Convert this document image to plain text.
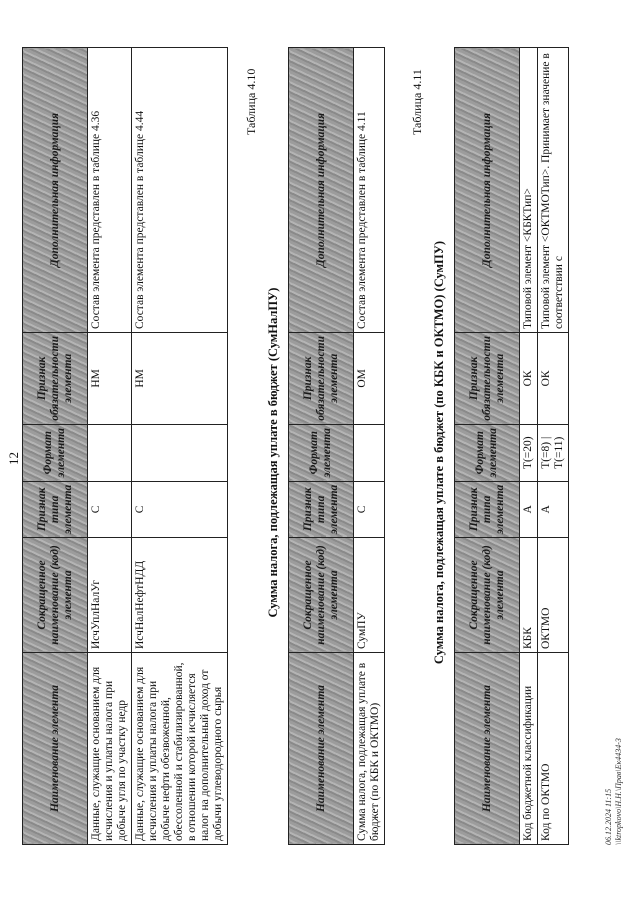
12
Наименование элемента	Сокращенное наименование (код) элемента	Признак типа элемента	Формат элемента	Признак обязательности элемента	Дополнительная информация
Данные, служащие основанием для исчисления и уплаты налога при добыче угля по участку недр	ИсчУплНалУг	С		НМ	Состав элемента представлен в таблице 4.36
Данные, служащие основанием для исчисления и уплаты налога при добыче нефти обезвоженной, обессоленной и стабилизированной, в отношении которой исчисляется налог на дополнительный доход от добычи углеводородного сырья	ИсчНалНефтНДД	С		НМ	Состав элемента представлен в таблице 4.44
Таблица 4.10
Сумма налога, подлежащая уплате в бюджет (СумНалПУ)
Наименование элемента	Сокращенное наименование (код) элемента	Признак типа элемента	Формат элемента	Признак обязательности элемента	Дополнительная информация
Сумма налога, подлежащая уплате в бюджет (по КБК и ОКТМО)	СумПУ	С		ОМ	Состав элемента представлен в таблице 4.11
Таблица 4.11
Сумма налога, подлежащая уплате в бюджет (по КБК и ОКТМО) (СумПУ)
Наименование элемента	Сокращенное наименование (код) элемента	Признак типа элемента	Формат элемента	Признак обязательности элемента	Дополнительная информация
Код бюджетной классификации	КБК	А	T(=20)	ОК	Типовой элемент <КБКТип>
Код по ОКТМО	ОКТМО	А	T(=8) | T(=11)	ОК	Типовой элемент <ОКТМОТип>. Принимает значение в соответствии с
06.12.2024 11:15 \\ktropkovo\Н.Н.\Прав\Ек4434-3
